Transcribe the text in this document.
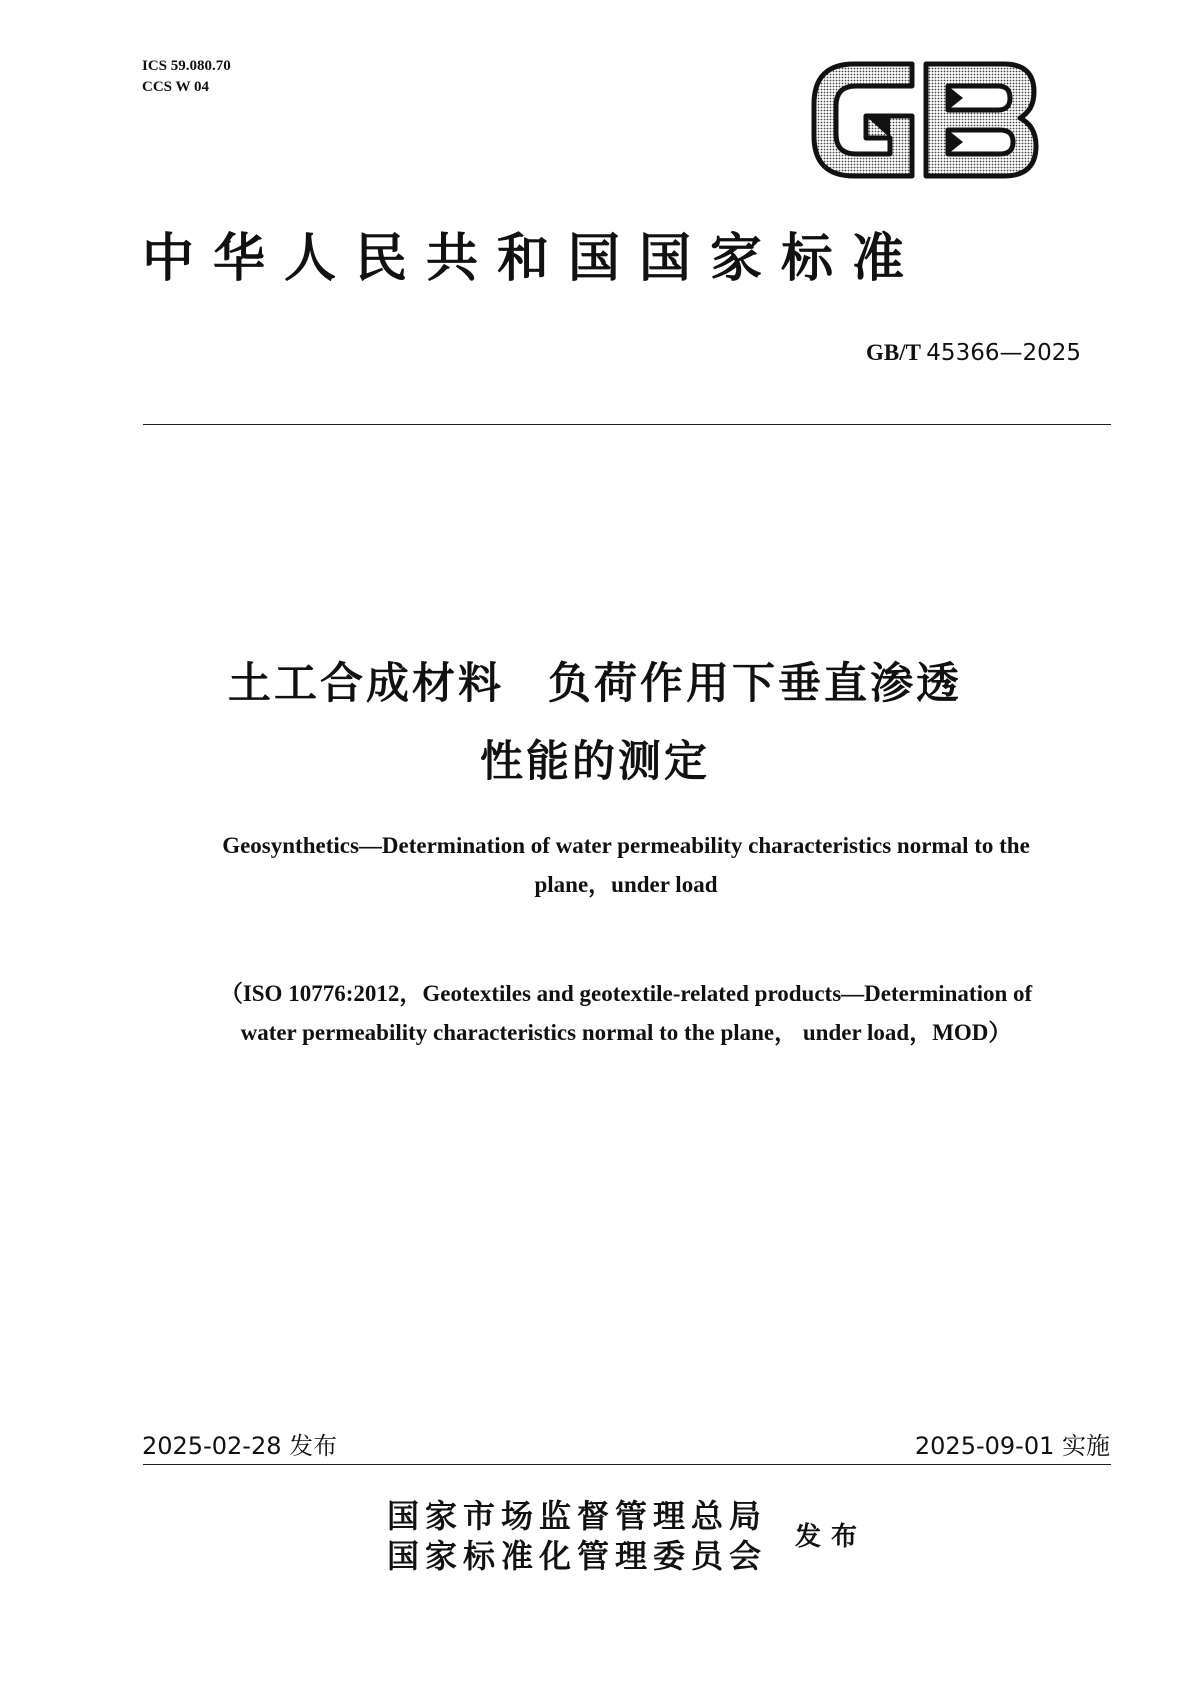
ICS 59.080.70
CCS W 04
中华人民共和国国家标准
GB/T 45366—2025
土工合成材料 负荷作用下垂直渗透
性能的测定
Geosynthetics—Determination of water permeability characteristics normal to the
plane，under load
（ISO 10776:2012，Geotextiles and geotextile-related products—Determination of
water permeability characteristics normal to the plane， under load，MOD）
2025-02-28 发布	2025-09-01 实施
国家市场监督管理总局
国家标准化管理委员会
发布
